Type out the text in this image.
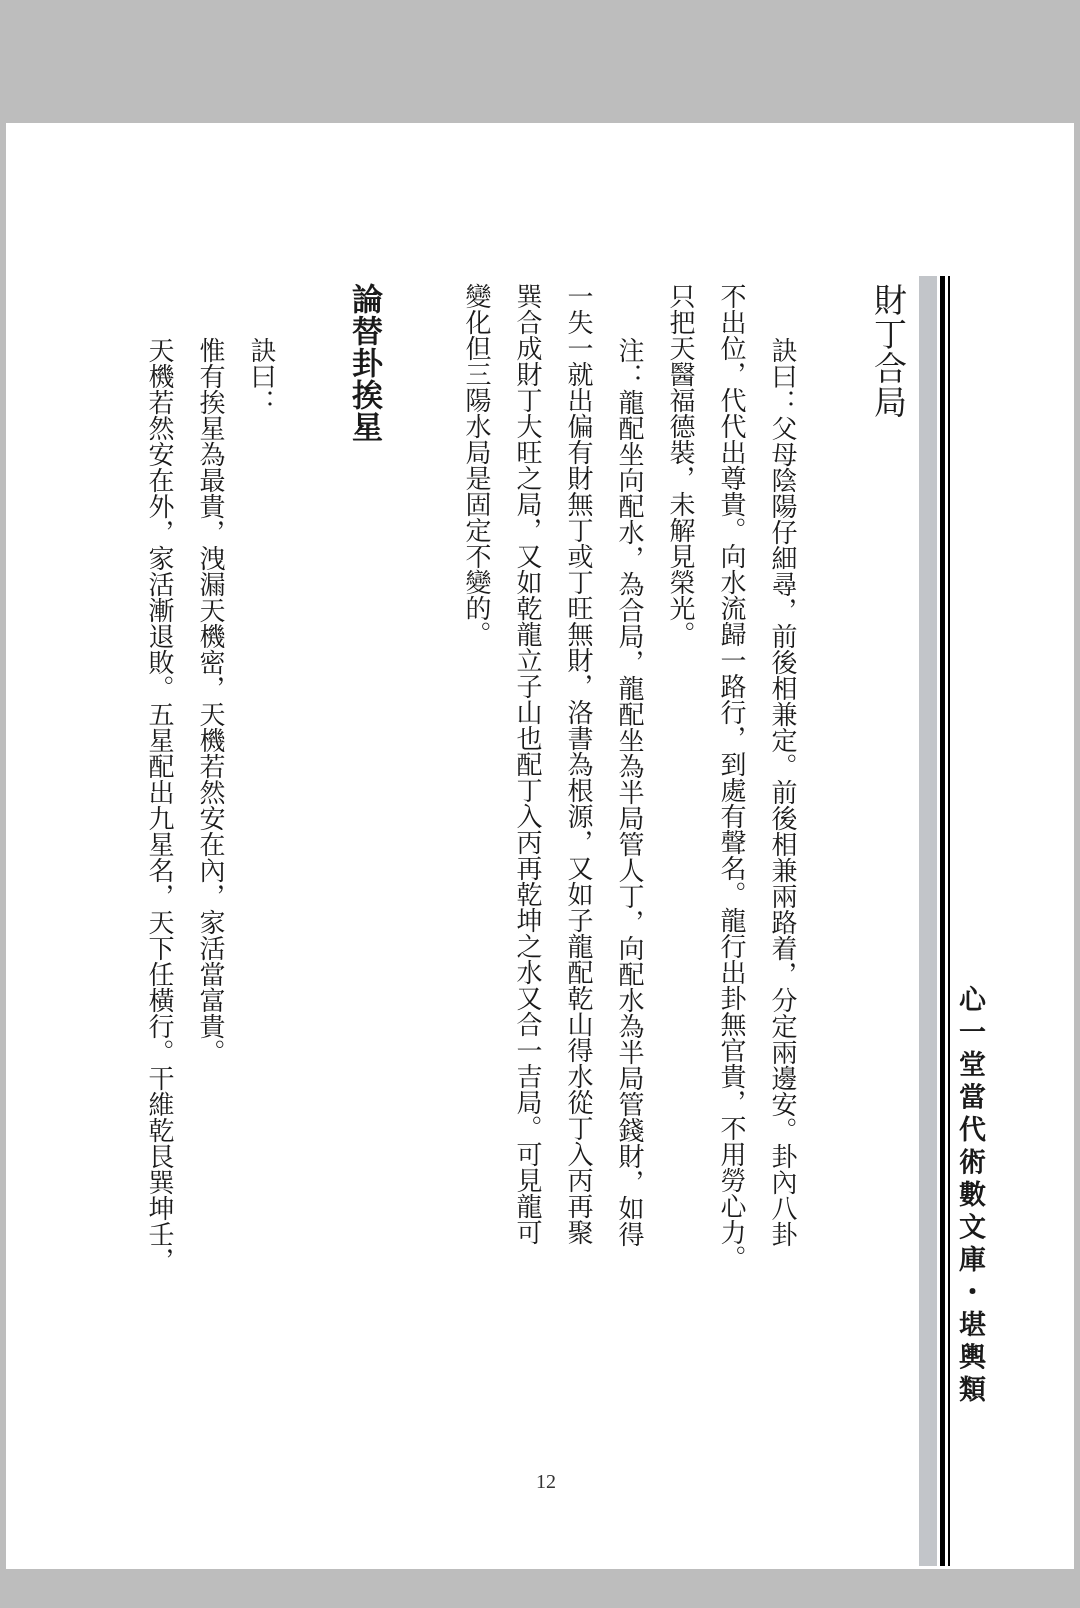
心一堂當代術數文庫・堪輿類
財丁合局
訣曰：父母陰陽仔細尋，前後相兼定。前後相兼兩路着，分定兩邊安。卦內八卦
不出位，代代出尊貴。向水流歸一路行，到處有聲名。龍行出卦無官貴，不用勞心力。
只把天醫福德裝，未解見榮光。
　注：龍配坐向配水，為合局，龍配坐為半局管人丁，向配水為半局管錢財，如得
一失一就出偏有財無丁或丁旺無財，洛書為根源，又如子龍配乾山得水從丁入丙再聚
巽合成財丁大旺之局，又如乾龍立子山也配丁入丙再乾坤之水又合一吉局。可見龍可
變化但三陽水局是固定不變的。
論替卦挨星
訣曰：
惟有挨星為最貴，洩漏天機密，天機若然安在內，家活當富貴。
天機若然安在外，家活漸退敗。五星配出九星名，天下任橫行。干維乾艮巽坤壬，
12
